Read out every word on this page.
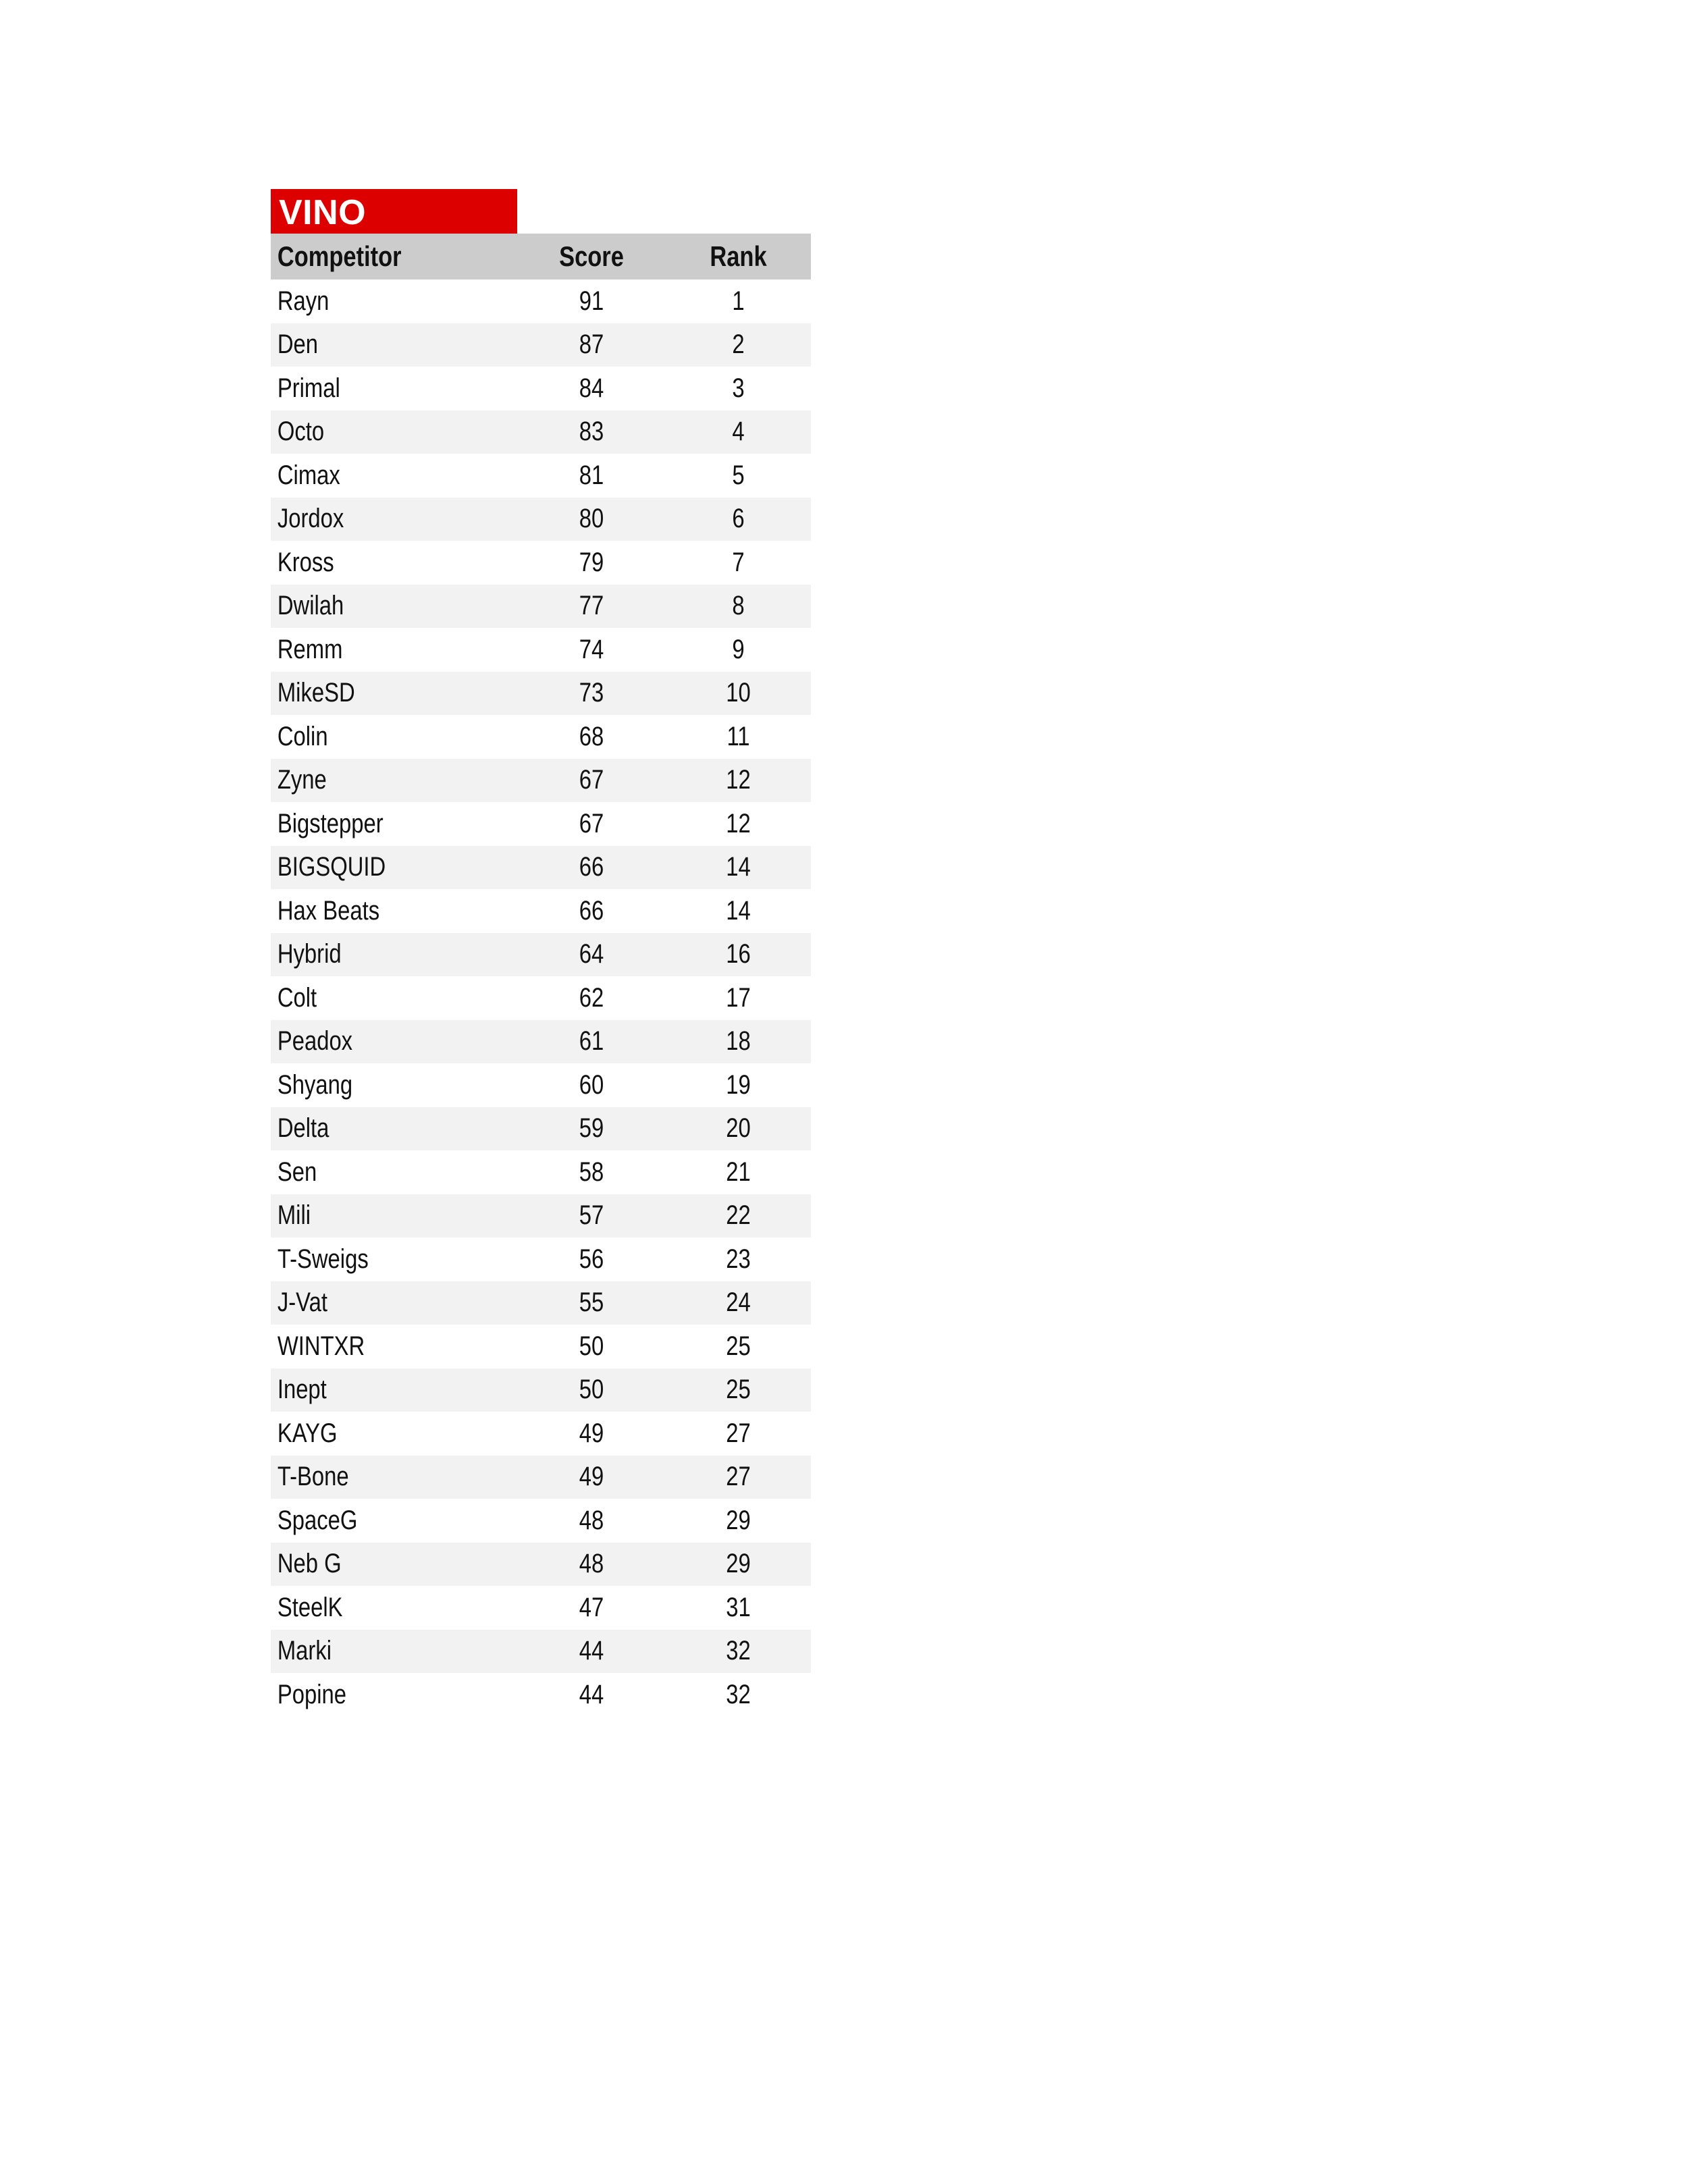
VINO
Competitor	Score	Rank
Rayn	91	1
Den	87	2
Primal	84	3
Octo	83	4
Cimax	81	5
Jordox	80	6
Kross	79	7
Dwilah	77	8
Remm	74	9
MikeSD	73	10
Colin	68	11
Zyne	67	12
Bigstepper	67	12
BIGSQUID	66	14
Hax Beats	66	14
Hybrid	64	16
Colt	62	17
Peadox	61	18
Shyang	60	19
Delta	59	20
Sen	58	21
Mili	57	22
T-Sweigs	56	23
J-Vat	55	24
WINTXR	50	25
Inept	50	25
KAYG	49	27
T-Bone	49	27
SpaceG	48	29
Neb G	48	29
SteelK	47	31
Marki	44	32
Popine	44	32
